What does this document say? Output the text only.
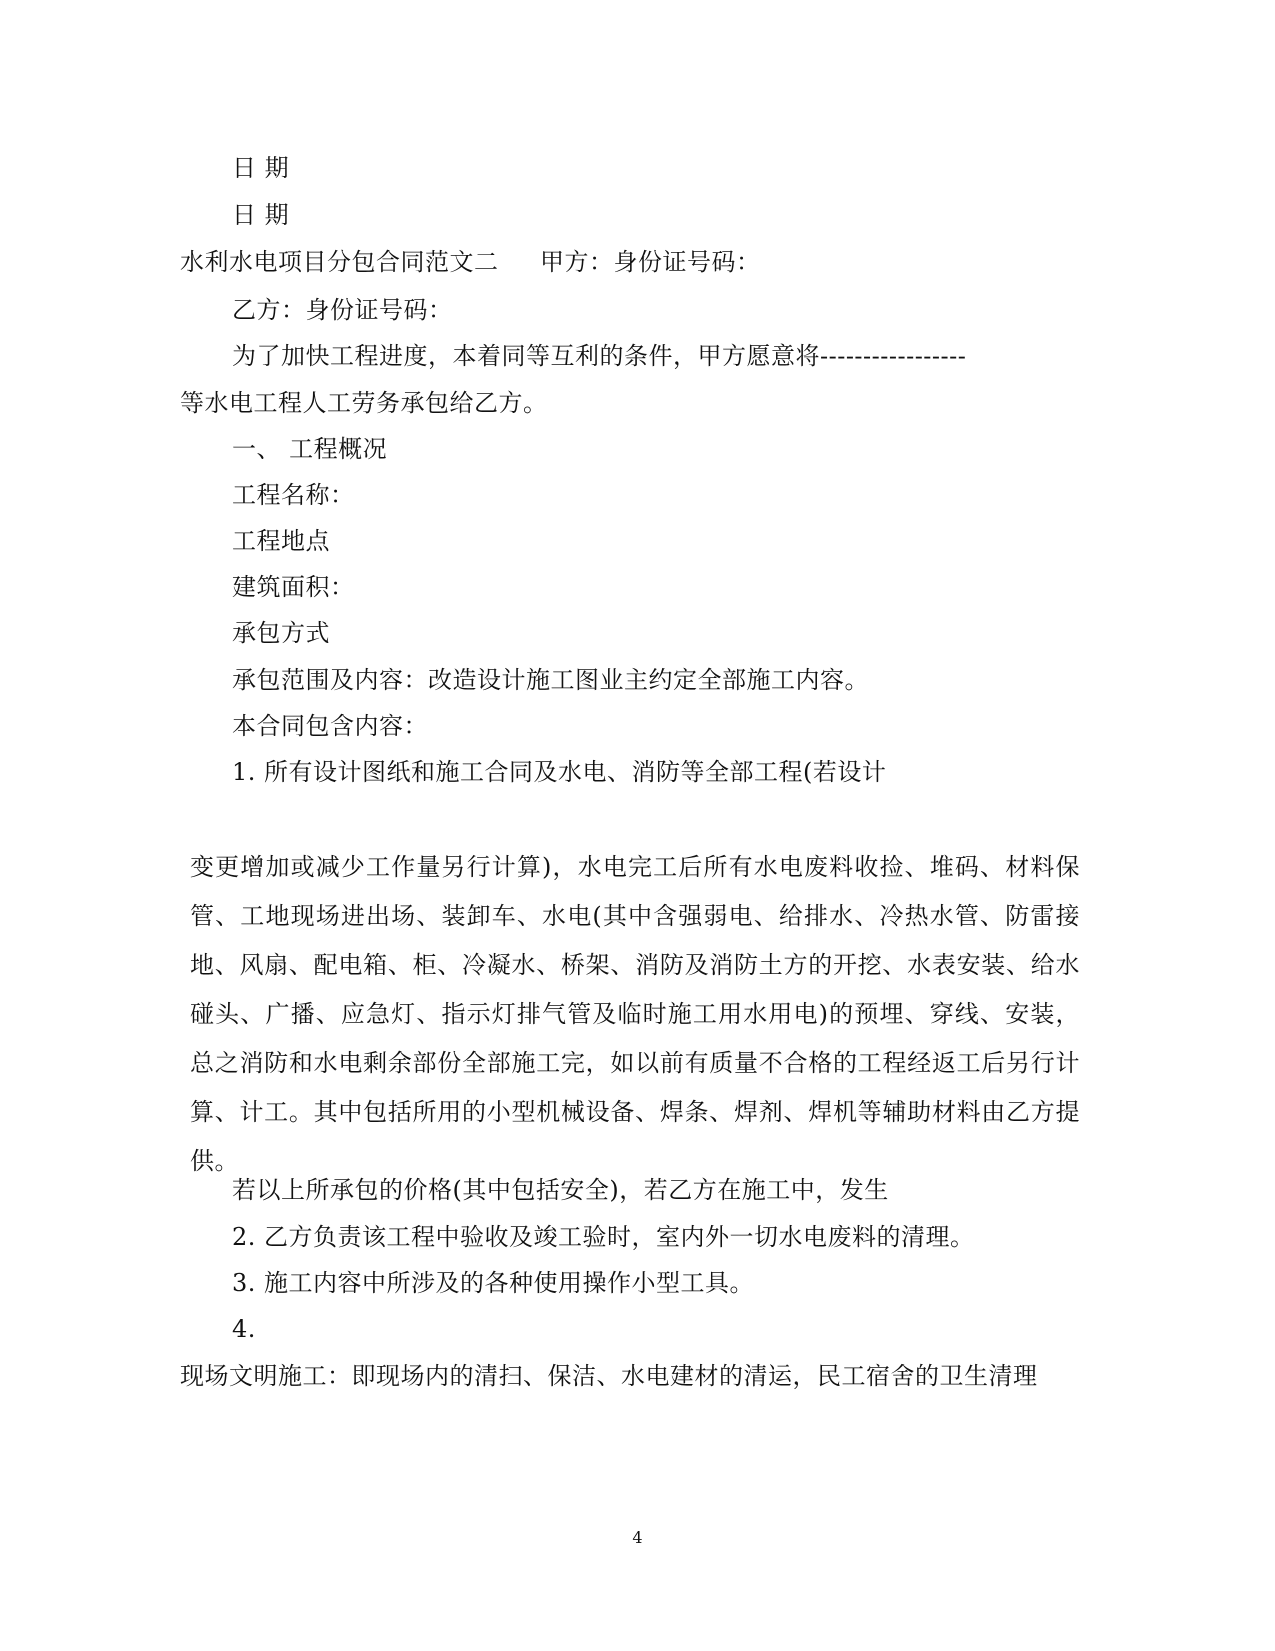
日 期
日 期
水利水电项目分包合同范文二 甲方：身份证号码：
乙方：身份证号码：
为了加快工程进度，本着同等互利的条件，甲方愿意将-----------------
等水电工程人工劳务承包给乙方。
一、 工程概况
工程名称：
工程地点
建筑面积：
承包方式
承包范围及内容：改造设计施工图业主约定全部施工内容。
本合同包含内容：
1. 所有设计图纸和施工合同及水电、消防等全部工程(若设计

变更增加或减少工作量另行计算)，水电完工后所有水电废料收捡、堆码、材料保管、工地现场进出场、装卸车、水电(其中含强弱电、给排水、冷热水管、防雷接地、风扇、配电箱、柜、冷凝水、桥架、消防及消防土方的开挖、水表安装、给水碰头、广播、应急灯、指示灯排气管及临时施工用水用电)的预埋、穿线、安装，总之消防和水电剩余部份全部施工完，如以前有质量不合格的工程经返工后另行计算、计工。其中包括所用的小型机械设备、焊条、焊剂、焊机等辅助材料由乙方提供。

若以上所承包的价格(其中包括安全)，若乙方在施工中，发生
2. 乙方负责该工程中验收及竣工验时，室内外一切水电废料的清理。
3. 施工内容中所涉及的各种使用操作小型工具。
4.
现场文明施工：即现场内的清扫、保洁、水电建材的清运，民工宿舍的卫生清理
4
